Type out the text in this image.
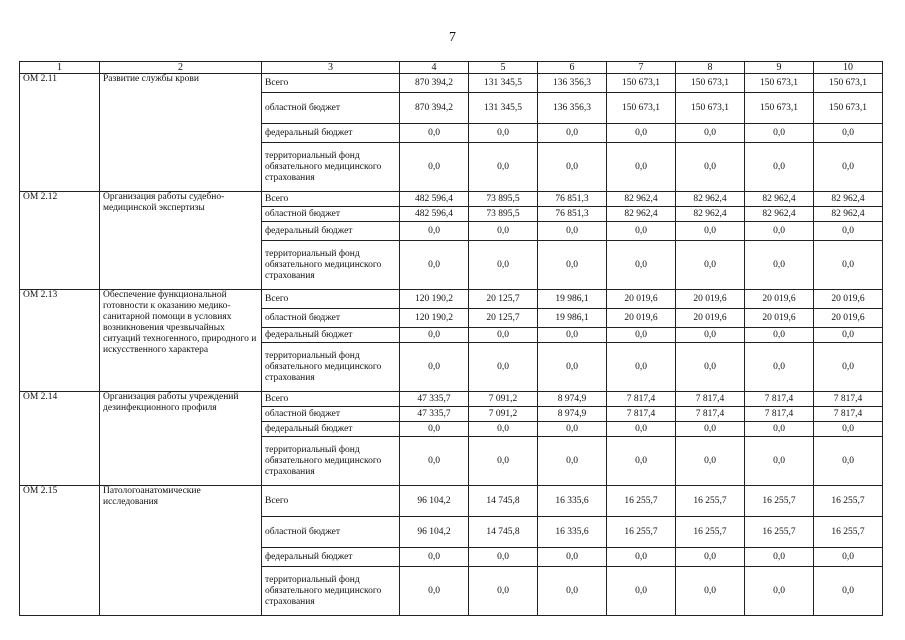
7
1	2	3	4	5	6	7	8	9	10
ОМ 2.11	Развитие службы крови	Всего	870 394,2	131 345,5	136 356,3	150 673,1	150 673,1	150 673,1	150 673,1
		областной бюджет	870 394,2	131 345,5	136 356,3	150 673,1	150 673,1	150 673,1	150 673,1
		федеральный бюджет	0,0	0,0	0,0	0,0	0,0	0,0	0,0
		территориальный фонд обязательного медицинского страхования	0,0	0,0	0,0	0,0	0,0	0,0	0,0
ОМ 2.12	Организация работы судебно-медицинской экспертизы	Всего	482 596,4	73 895,5	76 851,3	82 962,4	82 962,4	82 962,4	82 962,4
		областной бюджет	482 596,4	73 895,5	76 851,3	82 962,4	82 962,4	82 962,4	82 962,4
		федеральный бюджет	0,0	0,0	0,0	0,0	0,0	0,0	0,0
		территориальный фонд обязательного медицинского страхования	0,0	0,0	0,0	0,0	0,0	0,0	0,0
ОМ 2.13	Обеспечение функциональной готовности к оказанию медико-санитарной помощи в условиях возникновения чрезвычайных ситуаций техногенного, природного и искусственного характера	Всего	120 190,2	20 125,7	19 986,1	20 019,6	20 019,6	20 019,6	20 019,6
		областной бюджет	120 190,2	20 125,7	19 986,1	20 019,6	20 019,6	20 019,6	20 019,6
		федеральный бюджет	0,0	0,0	0,0	0,0	0,0	0,0	0,0
		территориальный фонд обязательного медицинского страхования	0,0	0,0	0,0	0,0	0,0	0,0	0,0
ОМ 2.14	Организация работы учреждений дезинфекционного профиля	Всего	47 335,7	7 091,2	8 974,9	7 817,4	7 817,4	7 817,4	7 817,4
		областной бюджет	47 335,7	7 091,2	8 974,9	7 817,4	7 817,4	7 817,4	7 817,4
		федеральный бюджет	0,0	0,0	0,0	0,0	0,0	0,0	0,0
		территориальный фонд обязательного медицинского страхования	0,0	0,0	0,0	0,0	0,0	0,0	0,0
ОМ 2.15	Патологоанатомические исследования	Всего	96 104,2	14 745,8	16 335,6	16 255,7	16 255,7	16 255,7	16 255,7
		областной бюджет	96 104,2	14 745,8	16 335,6	16 255,7	16 255,7	16 255,7	16 255,7
		федеральный бюджет	0,0	0,0	0,0	0,0	0,0	0,0	0,0
		территориальный фонд обязательного медицинского страхования	0,0	0,0	0,0	0,0	0,0	0,0	0,0
